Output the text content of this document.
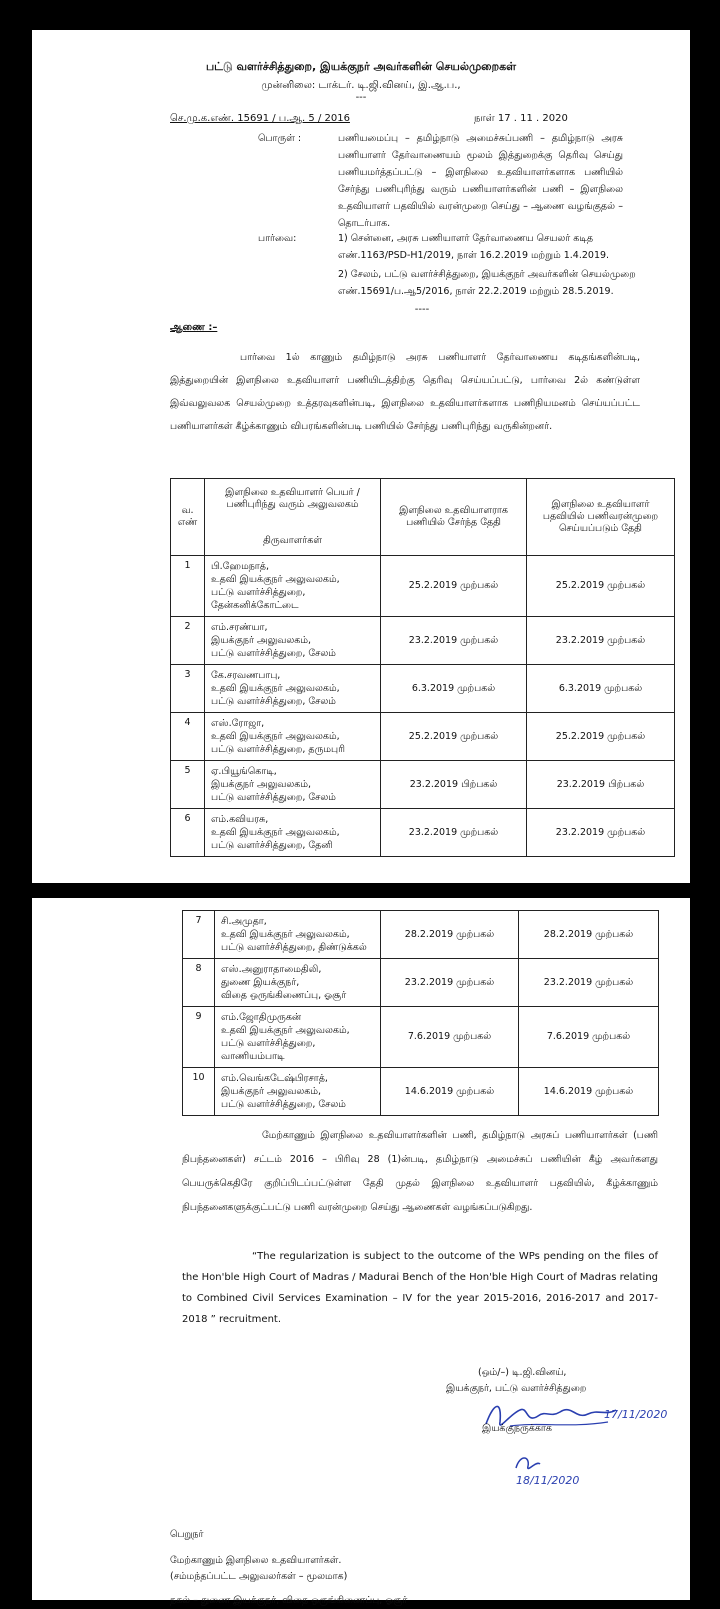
பட்டு வளர்ச்சித்துறை, இயக்குநர் அவர்களின் செயல்முறைகள்
முன்னிலை: டாக்டர். டி.ஜி.வினய், இ.ஆ.ப.,
---
செ.மு.க.எண். 15691 / ப.ஆ. 5 / 2016	நாள் 17 . 11 . 2020
பொருள் :	பணியமைப்பு – தமிழ்நாடு அமைச்சுப்பணி – தமிழ்நாடு அரசு பணியாளர் தேர்வாணையம் மூலம் இத்துறைக்கு தெரிவு செய்து பணியமர்த்தப்பட்டு – இளநிலை உதவியாளர்களாக பணியில் சேர்ந்து பணிபுரிந்து வரும் பணியாளர்களின் பணி – இளநிலை உதவியாளர் பதவியில் வரன்முறை செய்து – ஆணை வழங்குதல் – தொடர்பாக.
பார்வை:	1) சென்னை, அரசு பணியாளர் தேர்வாணைய செயலர் கடித எண்.1163/PSD-H1/2019, நாள் 16.2.2019 மற்றும் 1.4.2019.
2) சேலம், பட்டு வளர்ச்சித்துறை, இயக்குநர் அவர்களின் செயல்முறை எண்.15691/ப.ஆ5/2016, நாள் 22.2.2019 மற்றும் 28.5.2019.
----
ஆணை :–
பார்வை 1ல் காணும் தமிழ்நாடு அரசு பணியாளர் தேர்வாணைய கடிதங்களின்படி, இத்துறையின் இளநிலை உதவியாளர் பணியிடத்திற்கு தெரிவு செய்யப்பட்டு, பார்வை 2ல் கண்டுள்ள இவ்வலுவலக செயல்முறை உத்தரவுகளின்படி, இளநிலை உதவியாளர்களாக பணிநியமனம் செய்யப்பட்ட பணியாளர்கள் கீழ்க்காணும் விபரங்களின்படி பணியில் சேர்ந்து பணிபுரிந்து வருகின்றனர்.
வ. எண்	இளநிலை உதவியாளர் பெயர் / பணிபுரிந்து வரும் அலுவலகம்
திருவாளர்கள்	இளநிலை உதவியாளராக பணியில் சேர்ந்த தேதி	இளநிலை உதவியாளர் பதவியில் பணிவரன்முறை செய்யப்படும் தேதி
1	பி.ஹேமநாத்,
உதவி இயக்குநர் அலுவலகம்,
பட்டு வளர்ச்சித்துறை,
தேன்கனிக்கோட்டை	25.2.2019 முற்பகல்	25.2.2019 முற்பகல்
2	எம்.சரண்யா,
இயக்குநர் அலுவலகம்,
பட்டு வளர்ச்சித்துறை, சேலம்	23.2.2019 முற்பகல்	23.2.2019 முற்பகல்
3	கே.சரவணபாபு,
உதவி இயக்குநர் அலுவலகம்,
பட்டு வளர்ச்சித்துறை, சேலம்	6.3.2019 முற்பகல்	6.3.2019 முற்பகல்
4	எஸ்.ரோஜா,
உதவி இயக்குநர் அலுவலகம்,
பட்டு வளர்ச்சித்துறை, தருமபுரி	25.2.2019 முற்பகல்	25.2.2019 முற்பகல்
5	ஏ.பியூங்கொடி,
இயக்குநர் அலுவலகம்,
பட்டு வளர்ச்சித்துறை, சேலம்	23.2.2019 பிற்பகல்	23.2.2019 பிற்பகல்
6	எம்.கவியரசு,
உதவி இயக்குநர் அலுவலகம்,
பட்டு வளர்ச்சித்துறை, தேனி	23.2.2019 முற்பகல்	23.2.2019 முற்பகல்
7	சி.அமுதா,
உதவி இயக்குநர் அலுவலகம்,
பட்டு வளர்ச்சித்துறை, திண்டுக்கல்	28.2.2019 முற்பகல்	28.2.2019 முற்பகல்
8	எஸ்.அனுராதாமைதிலி,
துணை இயக்குநர்,
விதை ஒருங்கிணைப்பு, ஓசூர்	23.2.2019 முற்பகல்	23.2.2019 முற்பகல்
9	எம்.ஜோதிமுருகன்
உதவி இயக்குநர் அலுவலகம்,
பட்டு வளர்ச்சித்துறை,
வாணியம்பாடி	7.6.2019 முற்பகல்	7.6.2019 முற்பகல்
10	எம்.வெங்கடேஷ்பிரசாத்,
இயக்குநர் அலுவலகம்,
பட்டு வளர்ச்சித்துறை, சேலம்	14.6.2019 முற்பகல்	14.6.2019 முற்பகல்
மேற்காணும் இளநிலை உதவியாளர்களின் பணி, தமிழ்நாடு அரசுப் பணியாளர்கள் (பணி நிபந்தனைகள்) சட்டம் 2016 – பிரிவு 28 (1)ன்படி, தமிழ்நாடு அமைச்சுப் பணியின் கீழ் அவர்களது பெயருக்கெதிரே குறிப்பிடப்பட்டுள்ள தேதி முதல் இளநிலை உதவியாளர் பதவியில், கீழ்க்காணும் நிபந்தனைகளுக்குட்பட்டு பணி வரன்முறை செய்து ஆணைகள் வழங்கப்படுகிறது.
“The regularization is subject to the outcome of the WPs pending on the files of the Hon'ble High Court of Madras / Madurai Bench of the Hon'ble High Court of Madras relating to Combined Civil Services Examination – IV for the year 2015-2016, 2016-2017 and 2017-2018 ” recruitment.
(ஒம்/–) டி.ஜி.வினய்,
இயக்குநர், பட்டு வளர்ச்சித்துறை
17/11/2020
இயக்குநருக்காக
18/11/2020
பெறுநர்
மேற்காணும் இளநிலை உதவியாளர்கள்.
(சம்மந்தப்பட்ட அலுவலர்கள் – மூலமாக)
நகல் – துணை இயக்குநர், விதை ஒருங்கிணைப்பு, ஓசூர்
